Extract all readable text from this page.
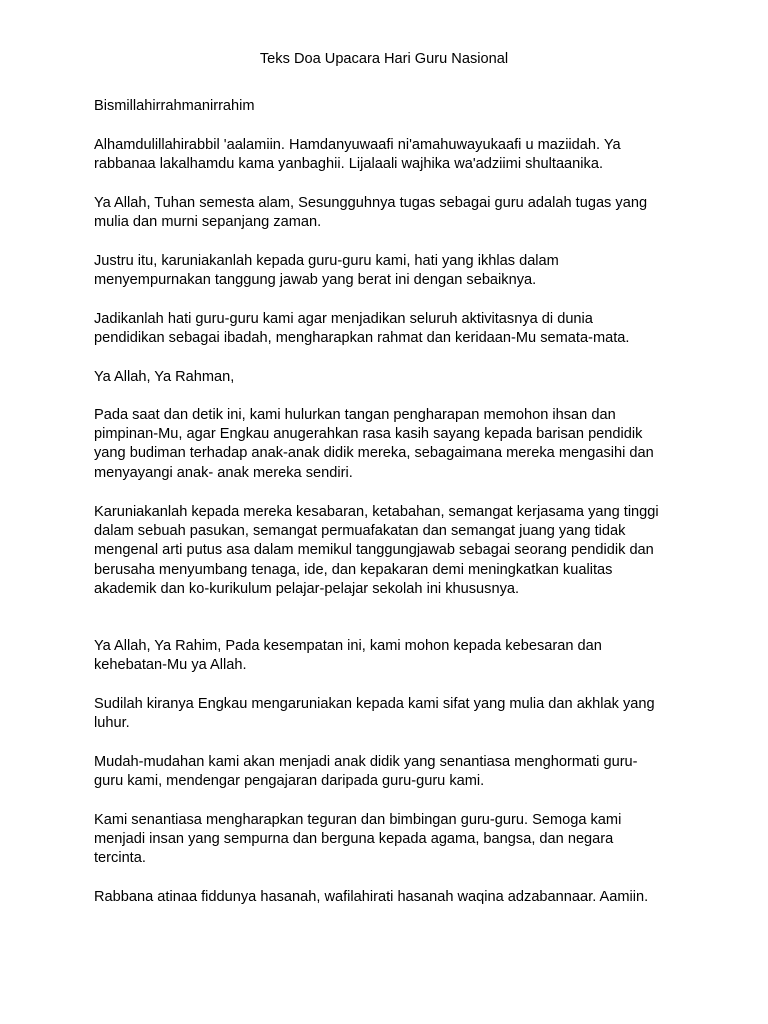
Teks Doa Upacara Hari Guru Nasional

Bismillahirrahmanirrahim

Alhamdulillahirabbil 'aalamiin. Hamdanyuwaafi ni'amahuwayukaafi u maziidah. Ya
rabbanaa lakalhamdu kama yanbaghii. Lijalaali wajhika wa'adziimi shultaanika.

Ya Allah, Tuhan semesta alam, Sesungguhnya tugas sebagai guru adalah tugas yang
mulia dan murni sepanjang zaman.

Justru itu, karuniakanlah kepada guru-guru kami, hati yang ikhlas dalam
menyempurnakan tanggung jawab yang berat ini dengan sebaiknya.

Jadikanlah hati guru-guru kami agar menjadikan seluruh aktivitasnya di dunia
pendidikan sebagai ibadah, mengharapkan rahmat dan keridaan-Mu semata-mata.

Ya Allah, Ya Rahman,

Pada saat dan detik ini, kami hulurkan tangan pengharapan memohon ihsan dan
pimpinan-Mu, agar Engkau anugerahkan rasa kasih sayang kepada barisan pendidik
yang budiman terhadap anak-anak didik mereka, sebagaimana mereka mengasihi dan
menyayangi anak- anak mereka sendiri.

Karuniakanlah kepada mereka kesabaran, ketabahan, semangat kerjasama yang tinggi
dalam sebuah pasukan, semangat permuafakatan dan semangat juang yang tidak
mengenal arti putus asa dalam memikul tanggungjawab sebagai seorang pendidik dan
berusaha menyumbang tenaga, ide, dan kepakaran demi meningkatkan kualitas
akademik dan ko-kurikulum pelajar-pelajar sekolah ini khususnya.

Ya Allah, Ya Rahim, Pada kesempatan ini, kami mohon kepada kebesaran dan
kehebatan-Mu ya Allah.

Sudilah kiranya Engkau mengaruniakan kepada kami sifat yang mulia dan akhlak yang
luhur.

Mudah-mudahan kami akan menjadi anak didik yang senantiasa menghormati guru-
guru kami, mendengar pengajaran daripada guru-guru kami.

Kami senantiasa mengharapkan teguran dan bimbingan guru-guru. Semoga kami
menjadi insan yang sempurna dan berguna kepada agama, bangsa, dan negara
tercinta.

Rabbana atinaa fiddunya hasanah, wafilahirati hasanah waqina adzabannaar. Aamiin.
